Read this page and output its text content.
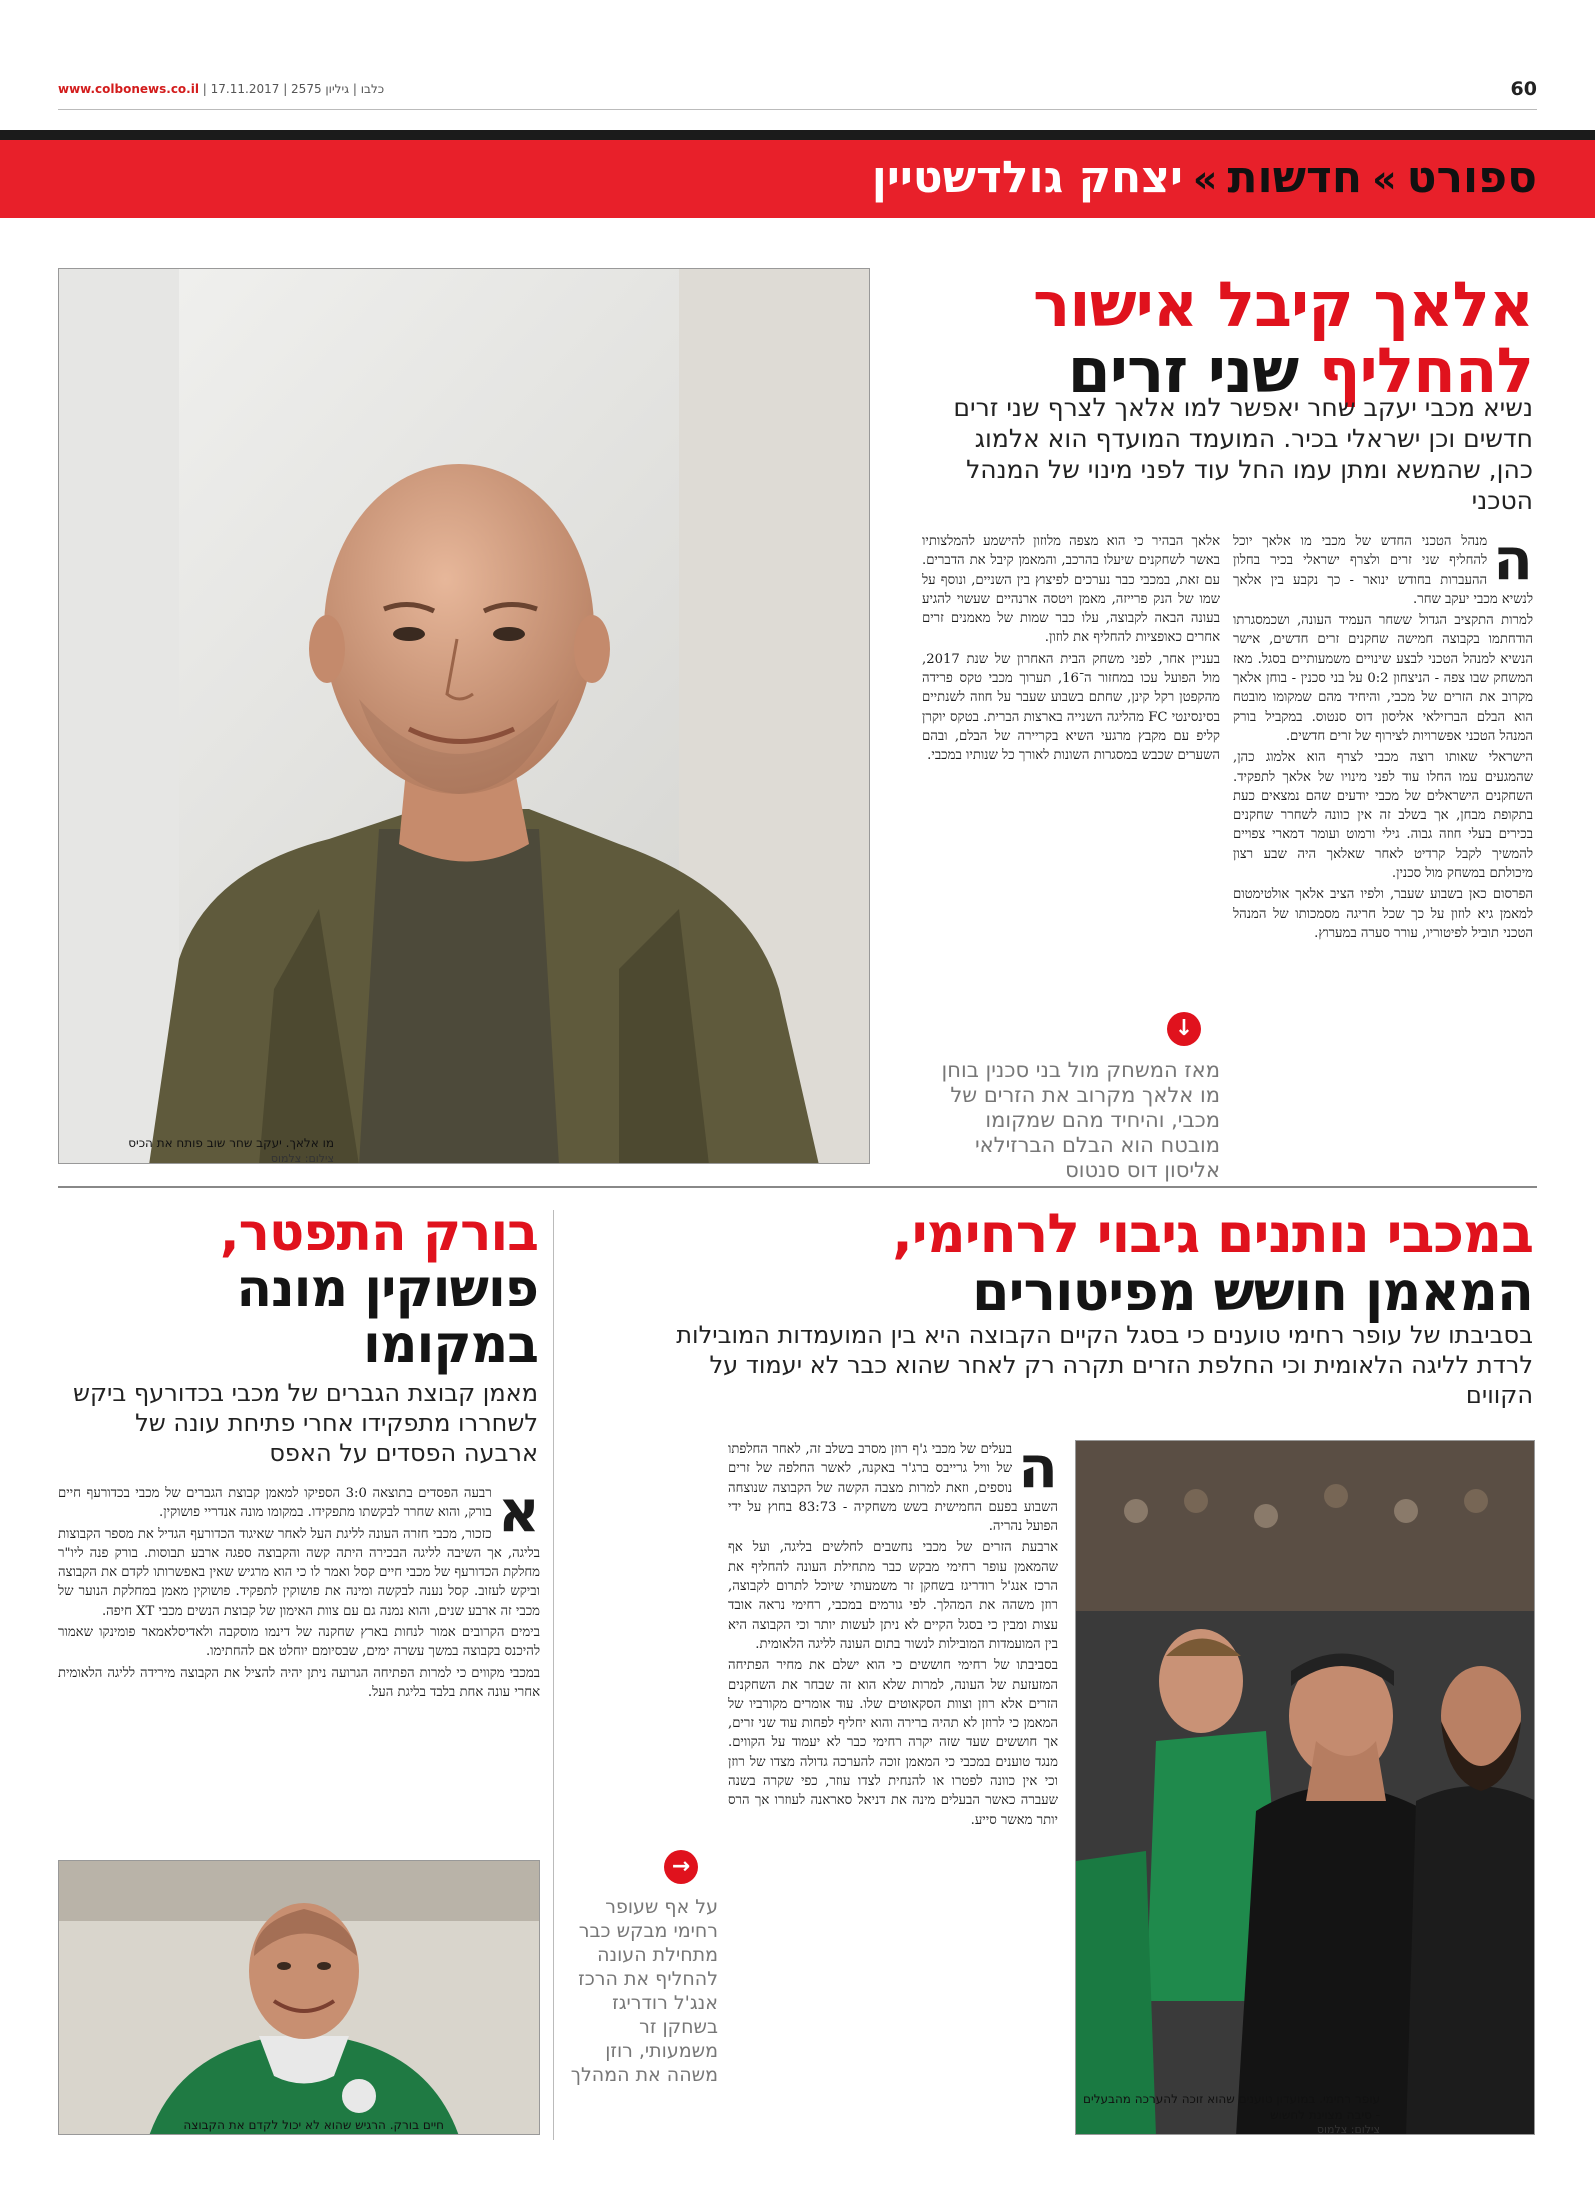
www.colbonews.co.il | כלבו | גיליון 2575 | 17.11.2017	60
ספורט»חדשות»יצחק גולדשטיין
מו אלאך. יעקב שחר שוב פותח את הכיס
צילום: צלמוס
אלאך קיבל אישור
להחליף שני זרים
נשיא מכבי יעקב שחר יאפשר למו אלאך לצרף שני זרים חדשים וכן ישראלי בכיר. המועמד המועדף הוא אלמוג כהן, שהמשא ומתן עמו החל עוד לפני מינוי של המנהל הטכני
ה

מנהל הטכני החדש של מכבי מו אלאך יוכל להחליף שני זרים ולצרף ישראלי בכיר בחלון ההעברות בחודש ינואר - כך נקבע בין אלאך לנשיא מכבי יעקב שחר.

למרות התקציב הגדול ששחר העמיד העונה, ושכמסגרתו הודחתמו בקבוצה חמישה שחקנים זרים חדשים, אישר הנשיא למנהל הטכני לבצע שינויים משמעותיים בסגל. מאז המשחק שבו צפה - הניצחון 0:2 על בני סכנין - בוחן אלאך מקרוב את הזרים של מכבי, והיחיד מהם שמקומו מובטח הוא הבלם הברזילאי אליסון דוס סנטוס. במקביל בורק המנהל הטכני אפשרויות לצירוף של זרים חדשים.

הישראלי שאותו רוצה מכבי לצרף הוא אלמוג כהן, שהמגעים עמו החלו עוד לפני מינויו של אלאך לתפקיד. השחקנים הישראלים של מכבי יודעים שהם נמצאים כעת בתקופת מבחן, אך בשלב זה אין כוונה לשחרר שחקנים בכירים בעלי חוזה גבוה. גילי ורמוט ועומר דמארי צפויים להמשיך לקבל קרדיט לאחר שאלאך היה שבע רצון מיכולתם במשחק מול סכנין.

הפרסום כאן בשבוע שעבר, ולפיו הציב אלאך אולטימטום למאמן גיא לוזון על כך שכל חריגה מסמכותו של המנהל הטכני תוביל לפיטוריו, עורר סערה במערוץ.

אלאך הבהיר כי הוא מצפה מלוזון להישמע להמלצותיו באשר לשחקנים שיעלו בהרכב, והמאמן קיבל את הדברים. עם זאת, במכבי כבר נערכים לפיצוץ בין השניים, ונוסף על שמו של הנק פרייזה, מאמן ויטסה ארנהיים שעשוי להגיע בעונה הבאה לקבוצה, עלו כבר שמות של מאמנים זרים אחרים כאופציות להחליף את לוזון.

בעניין אחר, לפני משחק הבית האחרון של שנת 2017, מול הפועל עכו במחזור ה־16, תערוך מכבי טקס פרידה מהקפטן רקל קינן, שחתם בשבוע שעבר על חוזה לשנתיים בסינסינטי FC מהליגה השנייה בארצות הברית. בטקס יוקרן קליפ עם מקבץ מרגעי השיא בקריירה של הבלם, ובהם השערים שכבש במסגרות השונות לאורך כל שנותיו במכבי.

↓
מאז המשחק מול בני סכנין בוחן מו אלאך מקרוב את הזרים של מכבי, והיחיד מהם שמקומו מובטח הוא הבלם הברזילאי אליסון דוס סנטוס
במכבי נותנים גיבוי לרחימי,
המאמן חושש מפיטורים
בסביבתו של עופר רחימי טוענים כי בסגל הקיים הקבוצה היא בין המועמדות המובילות לרדת לליגה הלאומית וכי החלפת הזרים תקרה רק לאחר שהוא כבר לא יעמוד על הקווים
עופר רחימי. במועדון טוענים שהוא זוכה להערכה מהבעלים - סיבה מצוינת לחשוש
צילום: צלמוס
ה

בעלים של מכבי ג'ף רוזן מסרב בשלב זה, לאחר החלפתו של וויל גרייבס ברג'ר באקנה, לאשר החלפה של זרים נוספים, וזאת למרות מצבה הקשה של הקבוצה שנוצחה השבוע בפעם החמישית בשש משחקיה - 83:73 בחוץ על ידי הפועל נהריה.

ארבעת הזרים של מכבי נחשבים לחלשים בליגה, ועל אף שהמאמן עופר רחימי מבקש כבר מתחילת העונה להחליף את הרכז אנג'ל רודריגז בשחקן זר משמעותי שיוכל לתרום לקבוצה, רוזן משהה את המהלך. לפי גורמים במכבי, רחימי נראה אובד עצות ומבין כי בסגל הקיים לא ניתן לעשות יותר וכי הקבוצה היא בין המועמדות המובילות לנשור בתום העונה לליגה הלאומית.

בסביבתו של רחימי חוששים כי הוא ישלם את מחיר הפתיחה המזעזעת של העונה, למרות שלא הוא זה שבחר את השחקנים הזרים אלא רוזן וצוות הסקאוטים שלו. עוד אומרים מקורביו של המאמן כי לרוזן לא תהיה ברירה והוא יחליף לפחות עוד שני זרים, אך חוששים שעד שזה יקרה רחימי כבר לא יעמוד על הקווים. מנגד טוענים במכבי כי המאמן זוכה להערכה גדולה מצדו של רוזן וכי אין כוונה לפטרו או להנחית לצדו עוזר, כפי שקרה בשנה שעברה כאשר הבעלים מינה את דניאל סאראנה לעוזרו אך הרס יותר מאשר סייע.

→
על אף שעופר רחימי מבקש כבר מתחילת העונה להחליף את הרכז אנג'ל רודריגז בשחקן זר משמעותי, רוזן משהה את המהלך
בורק התפטר,
פושוקין מונה
במקומו
מאמן קבוצת הגברים של מכבי בכדורעף ביקש לשחררו מתפקידו אחרי פתיחת עונה של ארבעה הפסדים על האפס
א

רבעה הפסדים בתוצאה 3:0 הספיקו למאמן קבוצת הגברים של מכבי בכדורעף חיים בורק, והוא שחרר לבקשתו מתפקידו. במקומו מונה אנדריי פושוקין.

כזכור, מכבי חזרה העונה לליגת העל לאחר שאיגוד הכדורעף הגדיל את מספר הקבוצות בליגה, אך השיבה לליגה הבכירה היתה קשה והקבוצה ספגה ארבע תבוסות. בורק פנה ליו"ר מחלקת הכדורעף של מכבי חיים קסל ואמר לו כי הוא מרגיש שאין באפשרותו לקדם את הקבוצה וביקש לעזוב. קסל נענה לבקשה ומינה את פושוקין לתפקיד. פושוקין מאמן במחלקת הנוער של מכבי זה ארבע שנים, והוא נמנה גם עם צוות האימון של קבוצת הנשים מכבי XT חיפה.

בימים הקרובים אמור לנחות בארץ שחקנה של דינמו מוסקבה ולאדיסלאמאר פומינקו שאמור להיכנס בקבוצה במשך עשרה ימים, שבסיומם יוחלט אם להחתימו.

במכבי מקווים כי למרות הפתיחה הגרועה ניתן יהיה להציל את הקבוצה מירידה לליגה הלאומית אחרי עונה אחת בלבד בליגת העל.

חיים בורק. הרגיש שהוא לא יכול לקדם את הקבוצה
